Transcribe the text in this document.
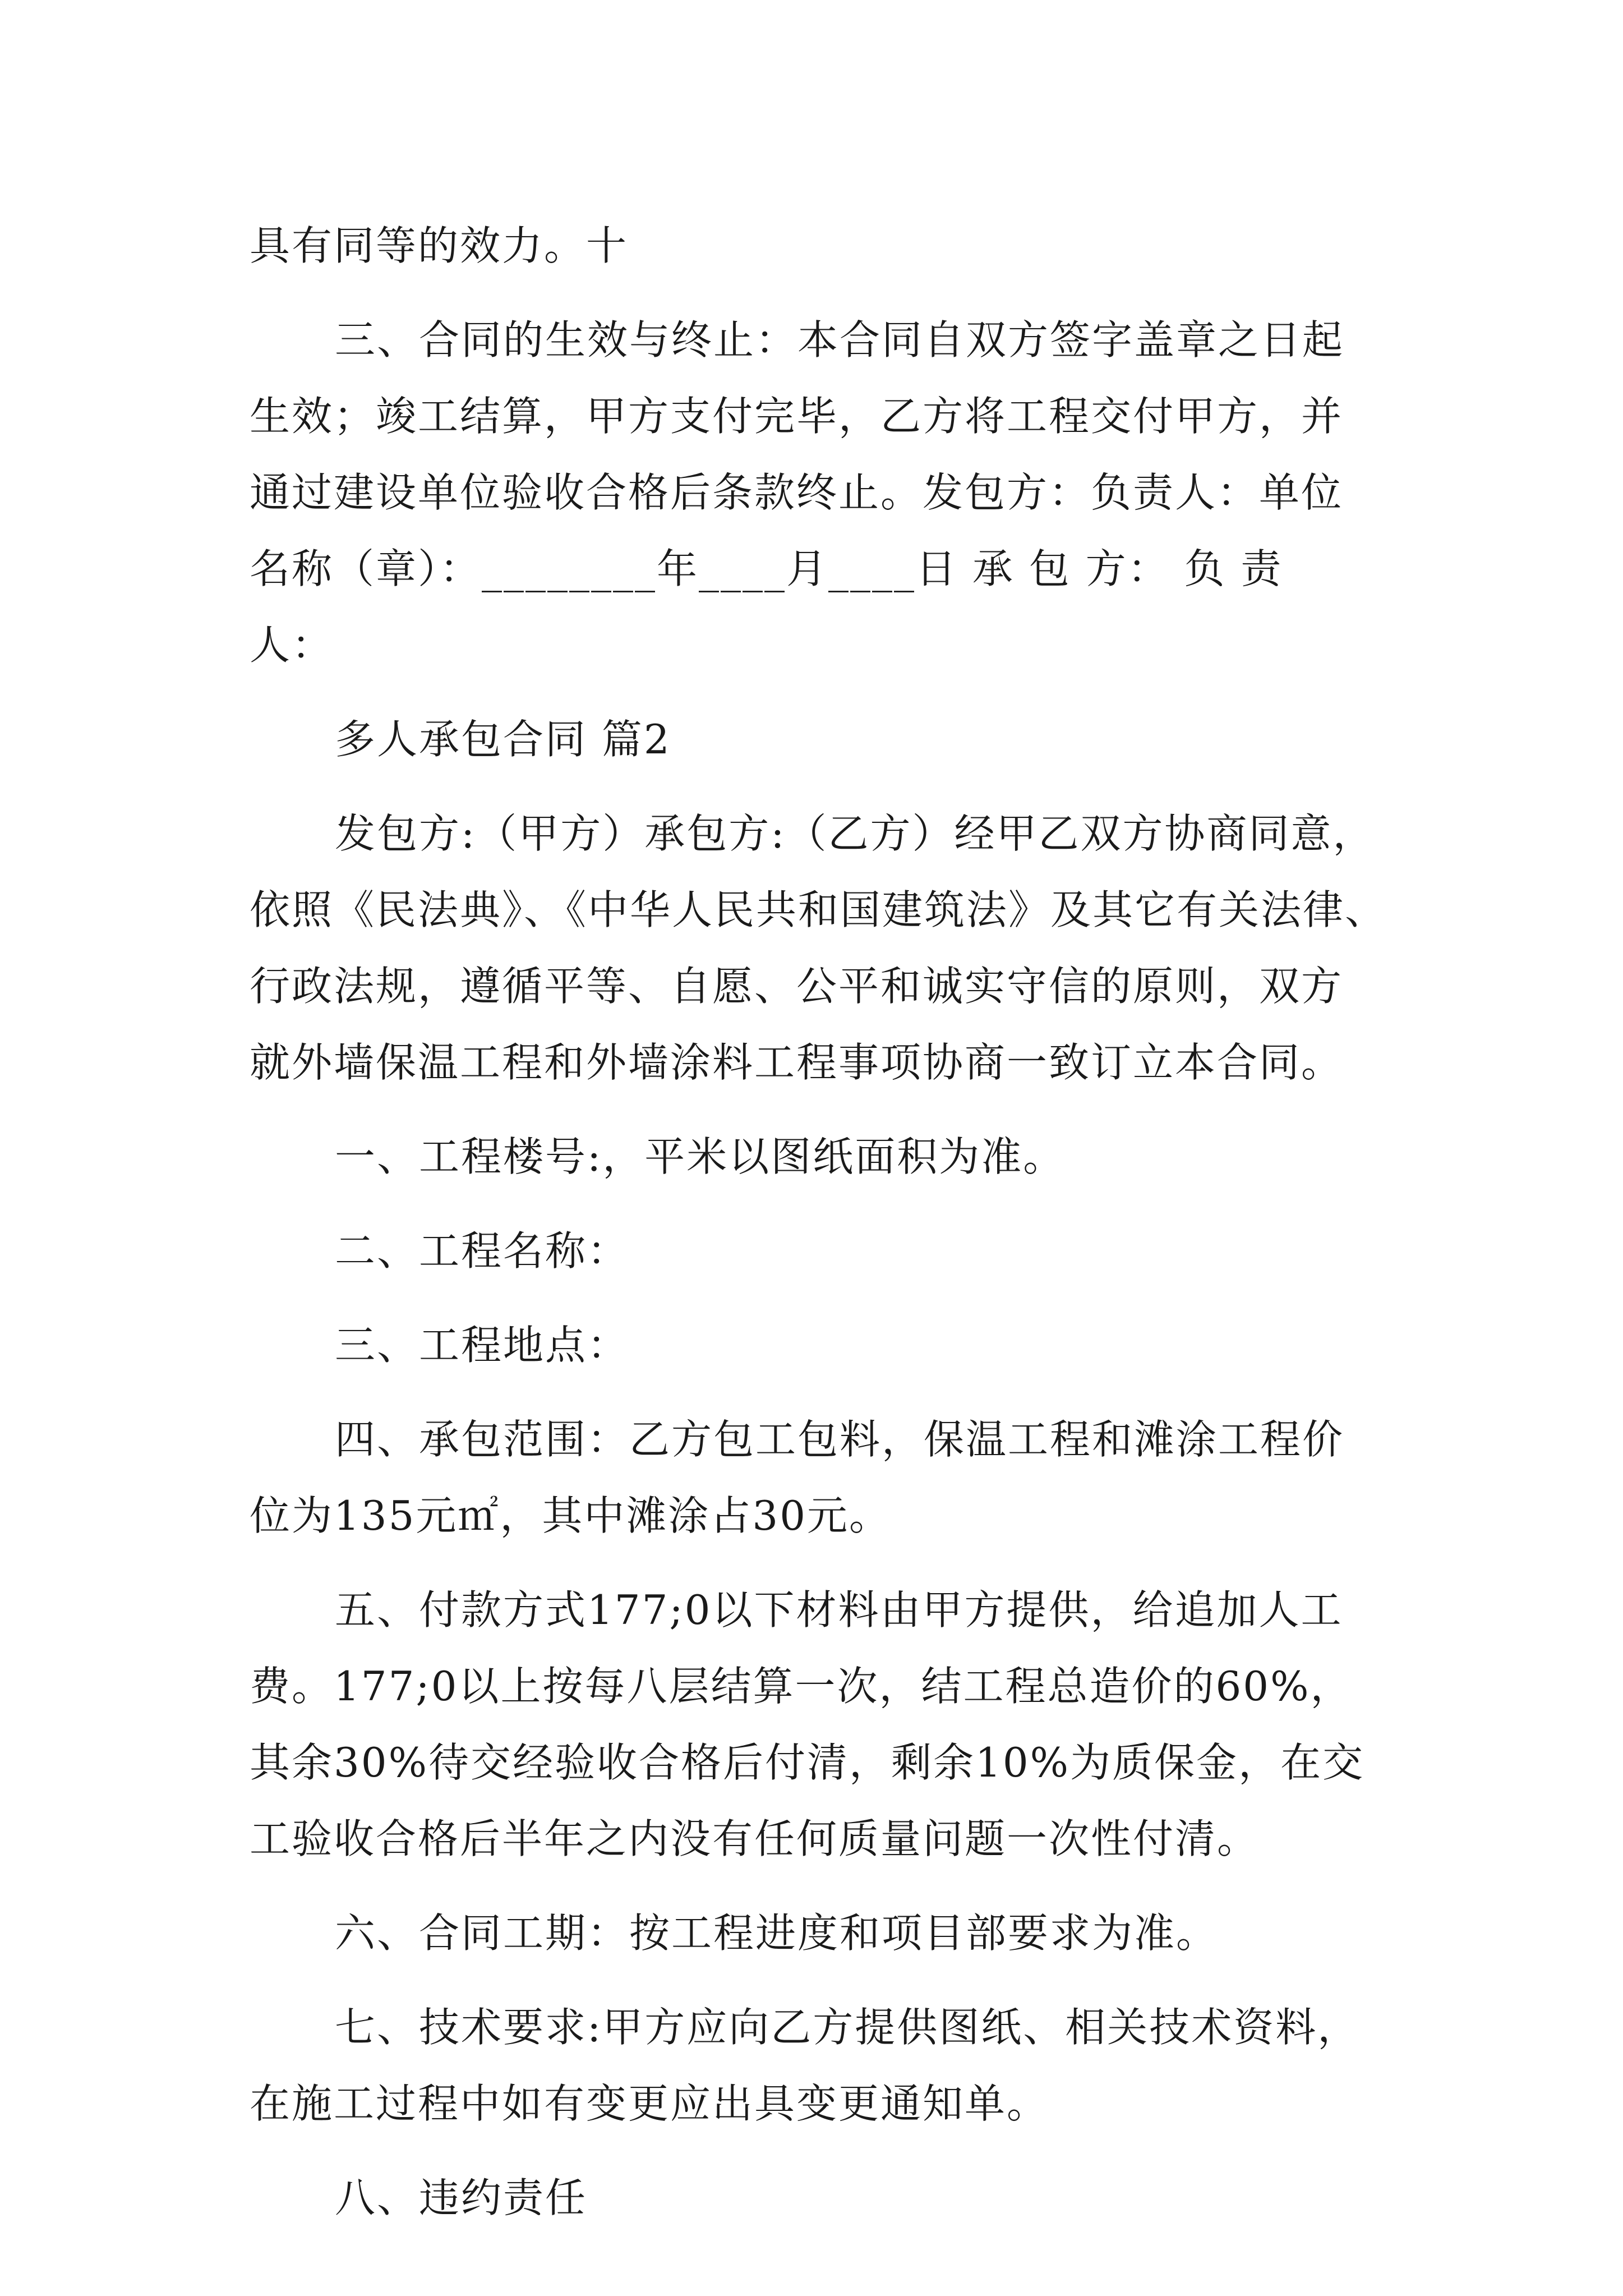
具有同等的效力。十
三、合同的生效与终止：本合同自双方签字盖章之日起
生效；竣工结算，甲方支付完毕，乙方将工程交付甲方，并
通过建设单位验收合格后条款终止。发包方：负责人：单位
名称（章）：________年____月____日 承 包 方： 负 责
人：
多人承包合同 篇2
发包方:（甲方）承包方:（乙方）经甲乙双方协商同意，
依照《民法典》、《中华人民共和国建筑法》及其它有关法律、
行政法规，遵循平等、自愿、公平和诚实守信的原则，双方
就外墙保温工程和外墙涂料工程事项协商一致订立本合同。
一、工程楼号:，平米以图纸面积为准。
二、工程名称：
三、工程地点：
四、承包范围：乙方包工包料，保温工程和滩涂工程价
位为135元㎡，其中滩涂占30元。
五、付款方式177;0以下材料由甲方提供，给追加人工
费。177;0以上按每八层结算一次，结工程总造价的60%，
其余30%待交经验收合格后付清，剩余10%为质保金，在交
工验收合格后半年之内没有任何质量问题一次性付清。
六、合同工期：按工程进度和项目部要求为准。
七、技术要求:甲方应向乙方提供图纸、相关技术资料，
在施工过程中如有变更应出具变更通知单。
八、违约责任
